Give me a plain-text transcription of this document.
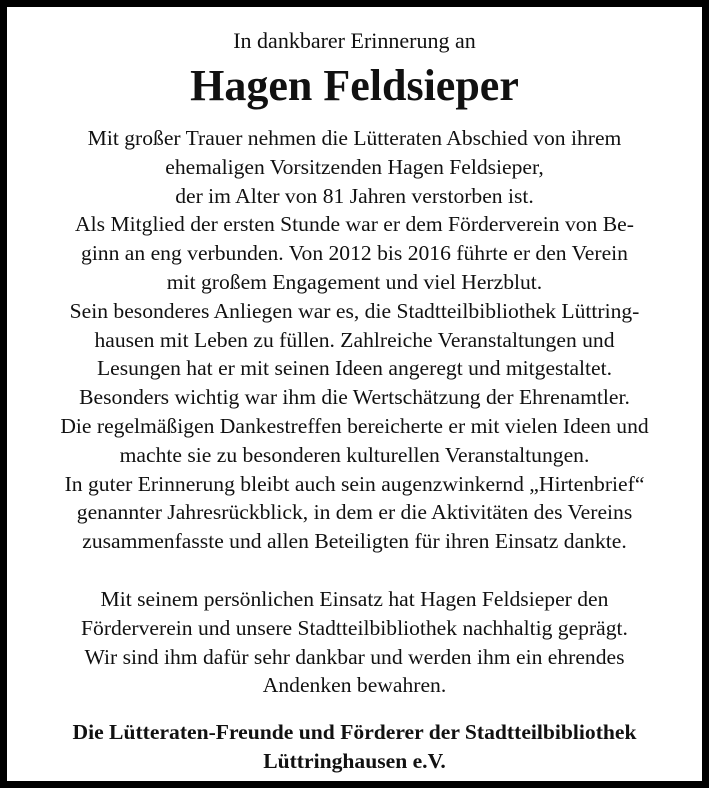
In dankbarer Erinnerung an
Hagen Feldsieper
Mit großer Trauer nehmen die Lütteraten Abschied von ihrem
ehemaligen Vorsitzenden Hagen Feldsieper,
der im Alter von 81 Jahren verstorben ist.
Als Mitglied der ersten Stunde war er dem Förderverein von Be-
ginn an eng verbunden. Von 2012 bis 2016 führte er den Verein
mit großem Engagement und viel Herzblut.
Sein besonderes Anliegen war es, die Stadtteilbibliothek Lüttring-
hausen mit Leben zu füllen. Zahlreiche Veranstaltungen und
Lesungen hat er mit seinen Ideen angeregt und mitgestaltet.
Besonders wichtig war ihm die Wertschätzung der Ehrenamtler.
Die regelmäßigen Dankestreffen bereicherte er mit vielen Ideen und
machte sie zu besonderen kulturellen Veranstaltungen.
In guter Erinnerung bleibt auch sein augenzwinkernd „Hirtenbrief“
genannter Jahresrückblick, in dem er die Aktivitäten des Vereins
zusammenfasste und allen Beteiligten für ihren Einsatz dankte.
Mit seinem persönlichen Einsatz hat Hagen Feldsieper den
Förderverein und unsere Stadtteilbibliothek nachhaltig geprägt.
Wir sind ihm dafür sehr dankbar und werden ihm ein ehrendes
Andenken bewahren.
Die Lütteraten-Freunde und Förderer der Stadtteilbibliothek
Lüttringhausen e.V.
